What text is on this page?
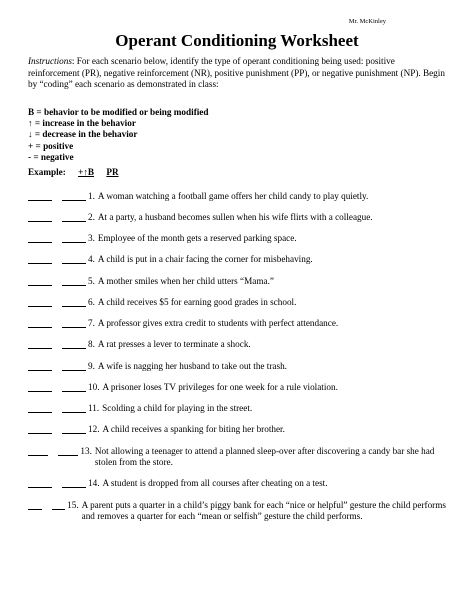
Mr. McKinley
Operant Conditioning Worksheet
Instructions: For each scenario below, identify the type of operant conditioning being used: positive reinforcement (PR), negative reinforcement (NR), positive punishment (PP), or negative punishment (NP). Begin by “coding” each scenario as demonstrated in class:
B = behavior to be modified or being modified
↑ = increase in the behavior
↓ = decrease in the behavior
+ = positive
- = negative
Example: +↑B PR
1. A woman watching a football game offers her child candy to play quietly.
2. At a party, a husband becomes sullen when his wife flirts with a colleague.
3. Employee of the month gets a reserved parking space.
4. A child is put in a chair facing the corner for misbehaving.
5. A mother smiles when her child utters “Mama.”
6. A child receives $5 for earning good grades in school.
7. A professor gives extra credit to students with perfect attendance.
8. A rat presses a lever to terminate a shock.
9. A wife is nagging her husband to take out the trash.
10. A prisoner loses TV privileges for one week for a rule violation.
11. Scolding a child for playing in the street.
12. A child receives a spanking for biting her brother.
13. Not allowing a teenager to attend a planned sleep-over after discovering a candy bar she had stolen from the store.
14. A student is dropped from all courses after cheating on a test.
15. A parent puts a quarter in a child’s piggy bank for each “nice or helpful” gesture the child performs and removes a quarter for each “mean or selfish” gesture the child performs.
